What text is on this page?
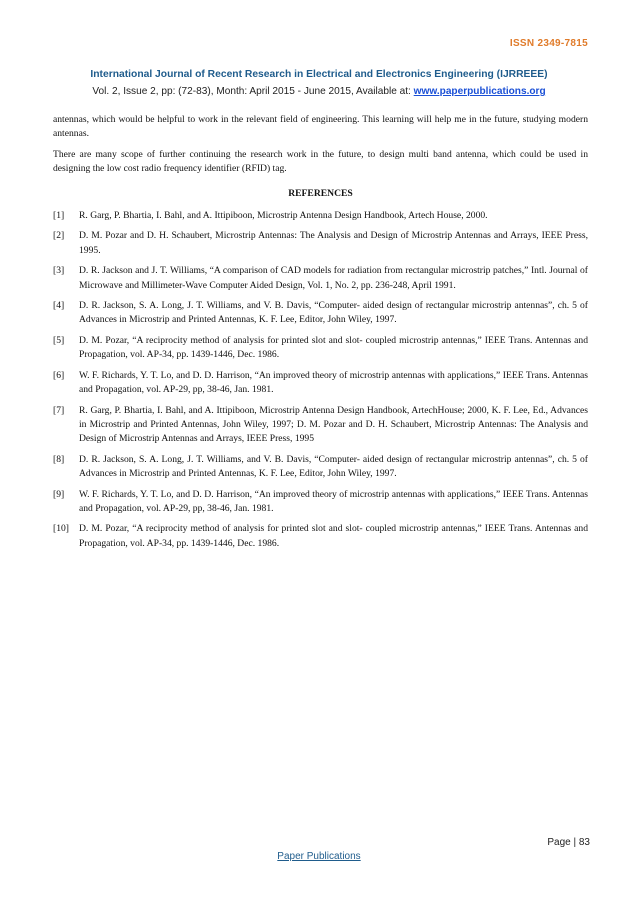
ISSN 2349-7815
International Journal of Recent Research in Electrical and Electronics Engineering (IJRREEE)
Vol. 2, Issue 2, pp: (72-83), Month: April 2015 - June 2015, Available at: www.paperpublications.org

antennas, which would be helpful to work in the relevant field of engineering. This learning will help me in the future, studying modern antennas.

There are many scope of further continuing the research work in the future, to design multi band antenna, which could be used in designing the low cost radio frequency identifier (RFID) tag.

REFERENCES
[1]	R. Garg, P. Bhartia, I. Bahl, and A. Ittipiboon, Microstrip Antenna Design Handbook, Artech House, 2000.
[2]	D. M. Pozar and D. H. Schaubert, Microstrip Antennas: The Analysis and Design of Microstrip Antennas and Arrays, IEEE Press, 1995.
[3]	D. R. Jackson and J. T. Williams, “A comparison of CAD models for radiation from rectangular microstrip patches,” Intl. Journal of Microwave and Millimeter-Wave Computer Aided Design, Vol. 1, No. 2, pp. 236-248, April 1991.
[4]	D. R. Jackson, S. A. Long, J. T. Williams, and V. B. Davis, “Computer- aided design of rectangular microstrip antennas”, ch. 5 of Advances in Microstrip and Printed Antennas, K. F. Lee, Editor, John Wiley, 1997.
[5]	D. M. Pozar, “A reciprocity method of analysis for printed slot and slot- coupled microstrip antennas,” IEEE Trans. Antennas and Propagation, vol. AP-34, pp. 1439-1446, Dec. 1986.
[6]	W. F. Richards, Y. T. Lo, and D. D. Harrison, “An improved theory of microstrip antennas with applications,” IEEE Trans. Antennas and Propagation, vol. AP-29, pp, 38-46, Jan. 1981.
[7]	R. Garg, P. Bhartia, I. Bahl, and A. Ittipiboon, Microstrip Antenna Design Handbook, ArtechHouse; 2000, K. F. Lee, Ed., Advances in Microstrip and Printed Antennas, John Wiley, 1997; D. M. Pozar and D. H. Schaubert, Microstrip Antennas: The Analysis and Design of Microstrip Antennas and Arrays, IEEE Press, 1995
[8]	D. R. Jackson, S. A. Long, J. T. Williams, and V. B. Davis, “Computer- aided design of rectangular microstrip antennas”, ch. 5 of Advances in Microstrip and Printed Antennas, K. F. Lee, Editor, John Wiley, 1997.
[9]	W. F. Richards, Y. T. Lo, and D. D. Harrison, “An improved theory of microstrip antennas with applications,” IEEE Trans. Antennas and Propagation, vol. AP-29, pp, 38-46, Jan. 1981.
[10]	D. M. Pozar, “A reciprocity method of analysis for printed slot and slot- coupled microstrip antennas,” IEEE Trans. Antennas and Propagation, vol. AP-34, pp. 1439-1446, Dec. 1986.
Page | 83
Paper Publications
